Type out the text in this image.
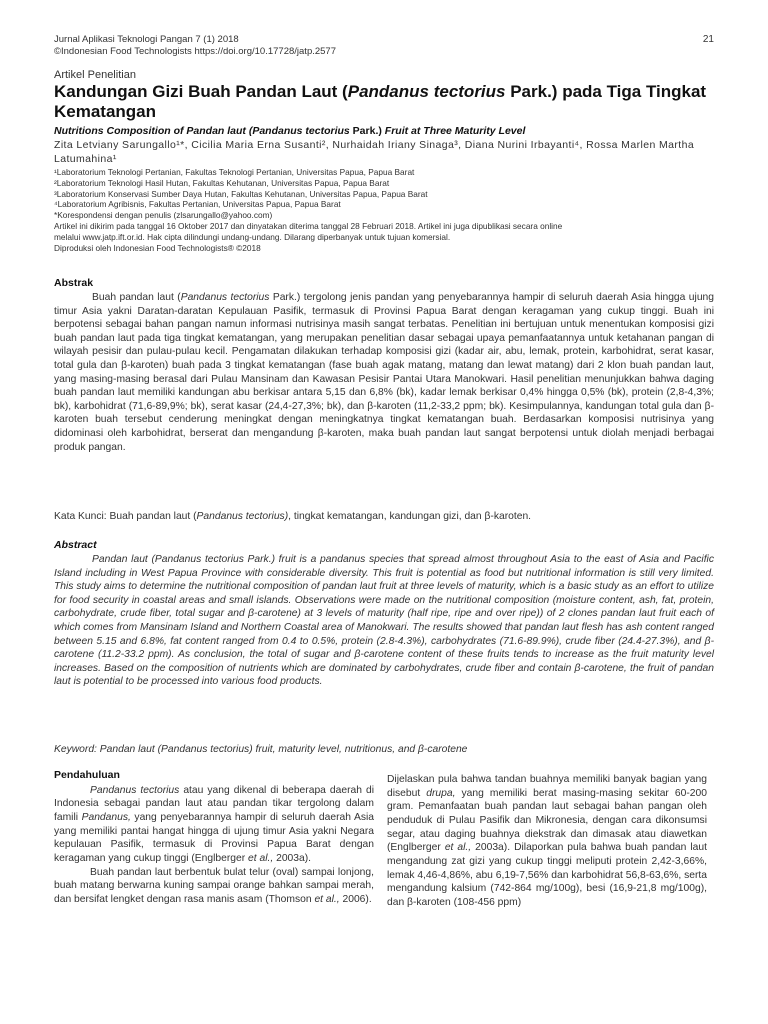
Jurnal Aplikasi Teknologi Pangan 7 (1) 2018
©Indonesian Food Technologists https://doi.org/10.17728/jatp.2577
21
Artikel Penelitian
Kandungan Gizi Buah Pandan Laut (Pandanus tectorius Park.) pada Tiga Tingkat Kematangan
Nutritions Composition of Pandan laut (Pandanus tectorius Park.) Fruit at Three Maturity Level
Zita Letviany Sarungallo¹*, Cicilia Maria Erna Susanti², Nurhaidah Iriany Sinaga³, Diana Nurini Irbayanti⁴, Rossa Marlen Martha Latumahina¹
¹Laboratorium Teknologi Pertanian, Fakultas Teknologi Pertanian, Universitas Papua, Papua Barat
²Laboratorium Teknologi Hasil Hutan, Fakultas Kehutanan, Universitas Papua, Papua Barat
³Laboratorium Konservasi Sumber Daya Hutan, Fakultas Kehutanan, Universitas Papua, Papua Barat
⁴Laboratorium Agribisnis, Fakultas Pertanian, Universitas Papua, Papua Barat
*Korespondensi dengan penulis (zlsarungallo@yahoo.com)
Artikel ini dikirim pada tanggal 16 Oktober 2017 dan dinyatakan diterima tanggal 28 Februari 2018. Artikel ini juga dipublikasi secara online
melalui www.jatp.ift.or.id. Hak cipta dilindungi undang-undang. Dilarang diperbanyak untuk tujuan komersial.
Diproduksi oleh Indonesian Food Technologists® ©2018
Abstrak

Buah pandan laut (Pandanus tectorius Park.) tergolong jenis pandan yang penyebarannya hampir di seluruh daerah Asia hingga ujung timur Asia yakni Daratan-daratan Kepulauan Pasifik, termasuk di Provinsi Papua Barat dengan keragaman yang cukup tinggi. Buah ini berpotensi sebagai bahan pangan namun informasi nutrisinya masih sangat terbatas. Penelitian ini bertujuan untuk menentukan komposisi gizi buah pandan laut pada tiga tingkat kematangan, yang merupakan penelitian dasar sebagai upaya pemanfaatannya untuk ketahanan pangan di wilayah pesisir dan pulau-pulau kecil. Pengamatan dilakukan terhadap komposisi gizi (kadar air, abu, lemak, protein, karbohidrat, serat kasar, total gula dan β-karoten) buah pada 3 tingkat kematangan (fase buah agak matang, matang dan lewat matang) dari 2 klon buah pandan laut, yang masing-masing berasal dari Pulau Mansinam dan Kawasan Pesisir Pantai Utara Manokwari. Hasil penelitian menunjukkan bahwa daging buah pandan laut memiliki kandungan abu berkisar antara 5,15 dan 6,8% (bk), kadar lemak berkisar 0,4% hingga 0,5% (bk), protein (2,8-4,3%; bk), karbohidrat (71,6-89,9%; bk), serat kasar (24,4-27,3%; bk), dan β-karoten (11,2-33,2 ppm; bk). Kesimpulannya, kandungan total gula dan β-karoten buah tersebut cenderung meningkat dengan meningkatnya tingkat kematangan buah. Berdasarkan komposisi nutrisinya yang didominasi oleh karbohidrat, berserat dan mengandung β-karoten, maka buah pandan laut sangat berpotensi untuk diolah menjadi berbagai produk pangan.

Kata Kunci: Buah pandan laut (Pandanus tectorius), tingkat kematangan, kandungan gizi, dan β-karoten.
Abstract

Pandan laut (Pandanus tectorius Park.) fruit is a pandanus species that spread almost throughout Asia to the east of Asia and Pacific Island including in West Papua Province with considerable diversity. This fruit is potential as food but nutritional information is still very limited. This study aims to determine the nutritional composition of pandan laut fruit at three levels of maturity, which is a basic study as an effort to utilize for food security in coastal areas and small islands. Observations were made on the nutritional composition (moisture content, ash, fat, protein, carbohydrate, crude fiber, total sugar and β-carotene) at 3 levels of maturity (half ripe, ripe and over ripe)) of 2 clones pandan laut fruit each of which comes from Mansinam Island and Northern Coastal area of Manokwari. The results showed that pandan laut flesh has ash content ranged between 5.15 and 6.8%, fat content ranged from 0.4 to 0.5%, protein (2.8-4.3%), carbohydrates (71.6-89.9%), crude fiber (24.4-27.3%), and β-carotene (11.2-33.2 ppm). As conclusion, the total of sugar and β-carotene content of these fruits tends to increase as the fruit maturity level increases. Based on the composition of nutrients which are dominated by carbohydrates, crude fiber and contain β-carotene, the fruit of pandan laut is potential to be processed into various food products.

Keyword: Pandan laut (Pandanus tectorius) fruit, maturity level, nutritionus, and β-carotene

Pendahuluan

Pandanus tectorius atau yang dikenal di beberapa daerah di Indonesia sebagai pandan laut atau pandan tikar tergolong dalam famili Pandanus, yang penyebarannya hampir di seluruh daerah Asia yang memiliki pantai hangat hingga di ujung timur Asia yakni Negara kepulauan Pasifik, termasuk di Provinsi Papua Barat dengan keragaman yang cukup tinggi (Englberger et al., 2003a).

Buah pandan laut berbentuk bulat telur (oval) sampai lonjong, buah matang berwarna kuning sampai orange bahkan sampai merah, dan bersifat lengket dengan rasa manis asam (Thomson et al., 2006).

Dijelaskan pula bahwa tandan buahnya memiliki banyak bagian yang disebut drupa, yang memiliki berat masing-masing sekitar 60-200 gram. Pemanfaatan buah pandan laut sebagai bahan pangan oleh penduduk di Pulau Pasifik dan Mikronesia, dengan cara dikonsumsi segar, atau daging buahnya diekstrak dan dimasak atau diawetkan (Englberger et al., 2003a). Dilaporkan pula bahwa buah pandan laut mengandung zat gizi yang cukup tinggi meliputi protein 2,42-3,66%, lemak 4,46-4,86%, abu 6,19-7,56% dan karbohidrat 56,8-63,6%, serta mengandung kalsium (742-864 mg/100g), besi (16,9-21,8 mg/100g), dan β-karoten (108-456 ppm)
